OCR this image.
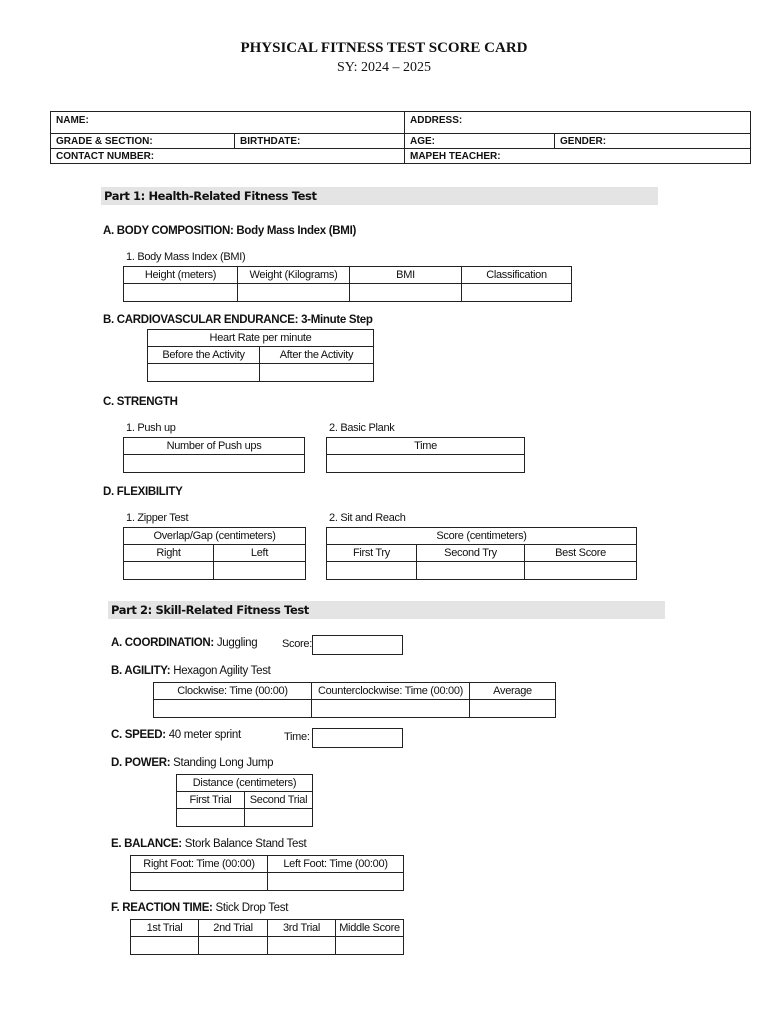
PHYSICAL FITNESS TEST SCORE CARD
SY: 2024 – 2025
NAME:		ADDRESS:	
GRADE & SECTION:	BIRTHDATE:	AGE:	GENDER:
CONTACT NUMBER:		MAPEH TEACHER:	
Part 1: Health-Related Fitness Test
A. BODY COMPOSITION: Body Mass Index (BMI)
1. Body Mass Index (BMI)
Height (meters)	Weight (Kilograms)	BMI	Classification

B. CARDIOVASCULAR ENDURANCE: 3-Minute Step
Heart Rate per minute	
Before the Activity	After the Activity

C. STRENGTH
1. Push up
Number of Push ups

2. Basic Plank
Time

D. FLEXIBILITY
1. Zipper Test
Overlap/Gap (centimeters)	
Right	Left

2. Sit and Reach
Score (centimeters)		
First Try	Second Try	Best Score

Part 2: Skill-Related Fitness Test
A. COORDINATION: Juggling Score:
B. AGILITY: Hexagon Agility Test
Clockwise: Time (00:00)	Counterclockwise: Time (00:00)	Average

C. SPEED: 40 meter sprint	Time:
D. POWER: Standing Long Jump
Distance (centimeters)	
First Trial	Second Trial

E. BALANCE: Stork Balance Stand Test
Right Foot: Time (00:00)	Left Foot: Time (00:00)

F. REACTION TIME: Stick Drop Test
1st Trial	2nd Trial	3rd Trial	Middle Score
